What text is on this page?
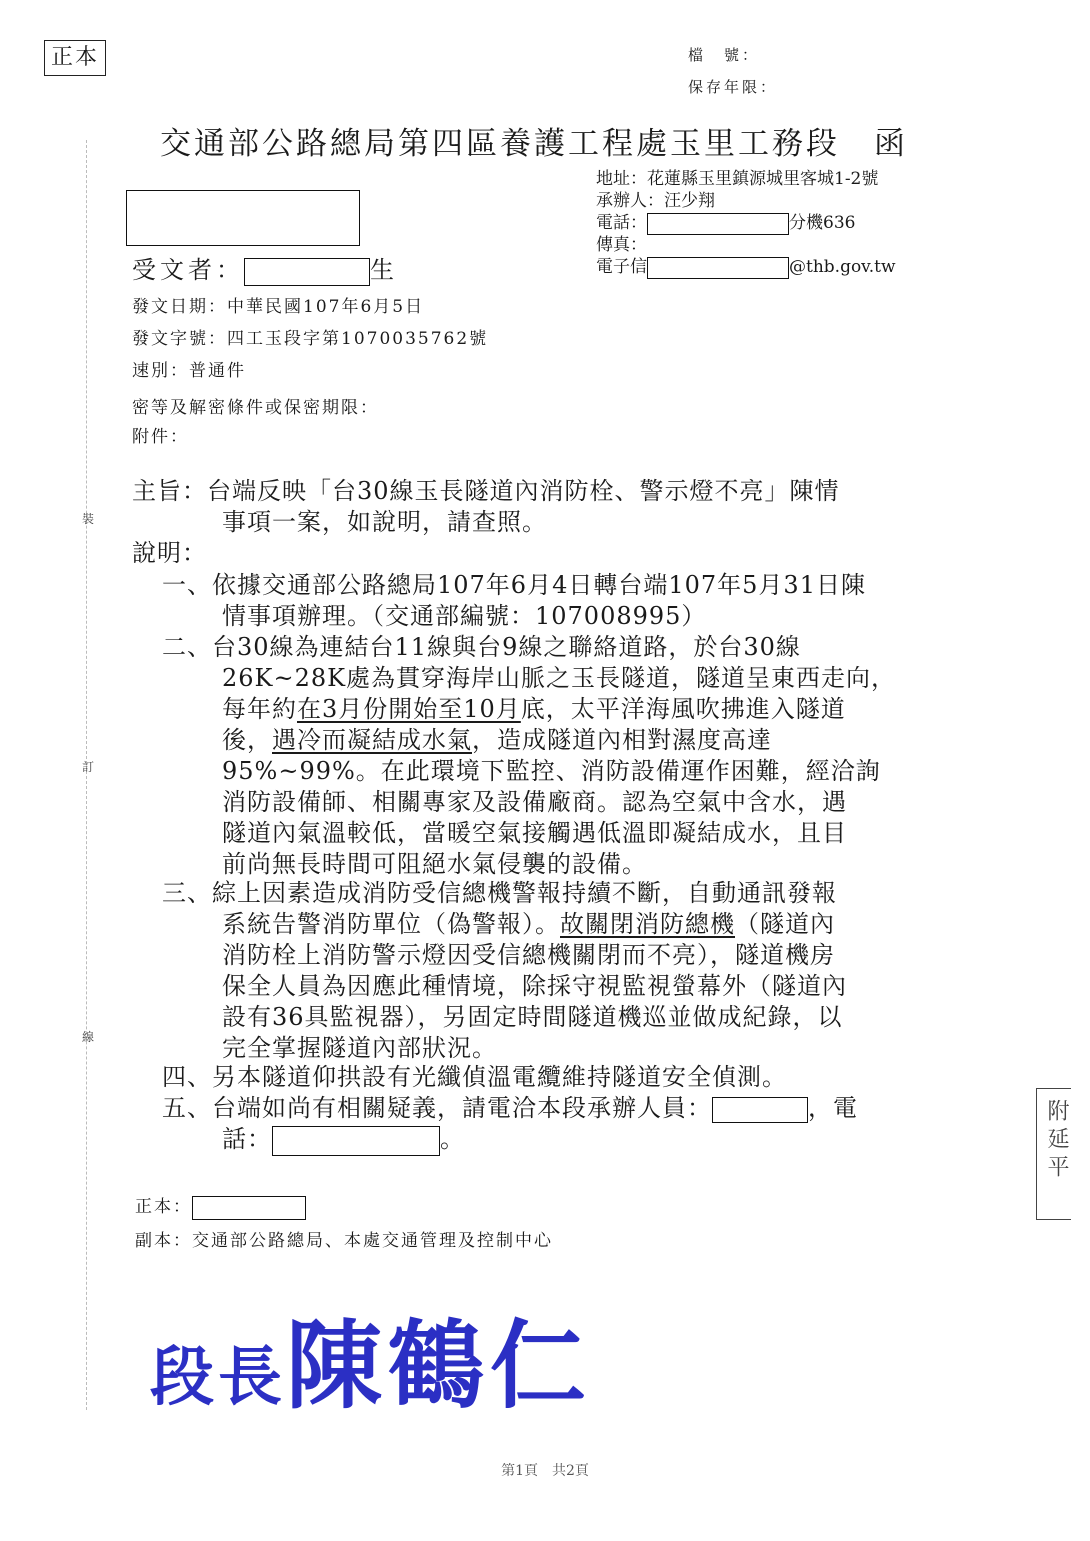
正本	檔　號：
保存年限：
交通部公路總局第四區養護工程處玉里工務段　函
地址：花蓮縣玉里鎮源城里客城1-2號
承辦人：汪少翔
電話：	分機636
傳真：
電子信	@thb.gov.tw
受文者：	生
發文日期：中華民國107年6月5日
發文字號：四工玉段字第1070035762號
速別：普通件
密等及解密條件或保密期限：
附件：
裝
訂
線
主旨：台端反映「台30線玉長隧道內消防栓、警示燈不亮」陳情
事項一案，如說明，請查照。
說明：
一、依據交通部公路總局107年6月4日轉台端107年5月31日陳
情事項辦理。（交通部編號：107008995）
二、台30線為連結台11線與台9線之聯絡道路，於台30線
26K~28K處為貫穿海岸山脈之玉長隧道，隧道呈東西走向，
每年約在3月份開始至10月底，太平洋海風吹拂進入隧道
後，遇冷而凝結成水氣，造成隧道內相對濕度高達
95%~99%。在此環境下監控、消防設備運作困難，經洽詢
消防設備師、相關專家及設備廠商。認為空氣中含水，遇
隧道內氣溫較低，當暖空氣接觸遇低溫即凝結成水，且目
前尚無長時間可阻絕水氣侵襲的設備。
三、綜上因素造成消防受信總機警報持續不斷，自動通訊發報
系統告警消防單位（偽警報）。故關閉消防總機（隧道內
消防栓上消防警示燈因受信總機關閉而不亮），隧道機房
保全人員為因應此種情境，除採守視監視螢幕外（隧道內
設有36具監視器），另固定時間隧道機巡並做成紀錄，以
完全掌握隧道內部狀況。
四、另本隧道仰拱設有光纖偵溫電纜維持隧道安全偵測。
五、台端如尚有相關疑義，請電洽本段承辦人員：	，電
話：	。
正本：
副本：交通部公路總局、本處交通管理及控制中心
段長陳鶴仁
附延平
第1頁　共2頁
